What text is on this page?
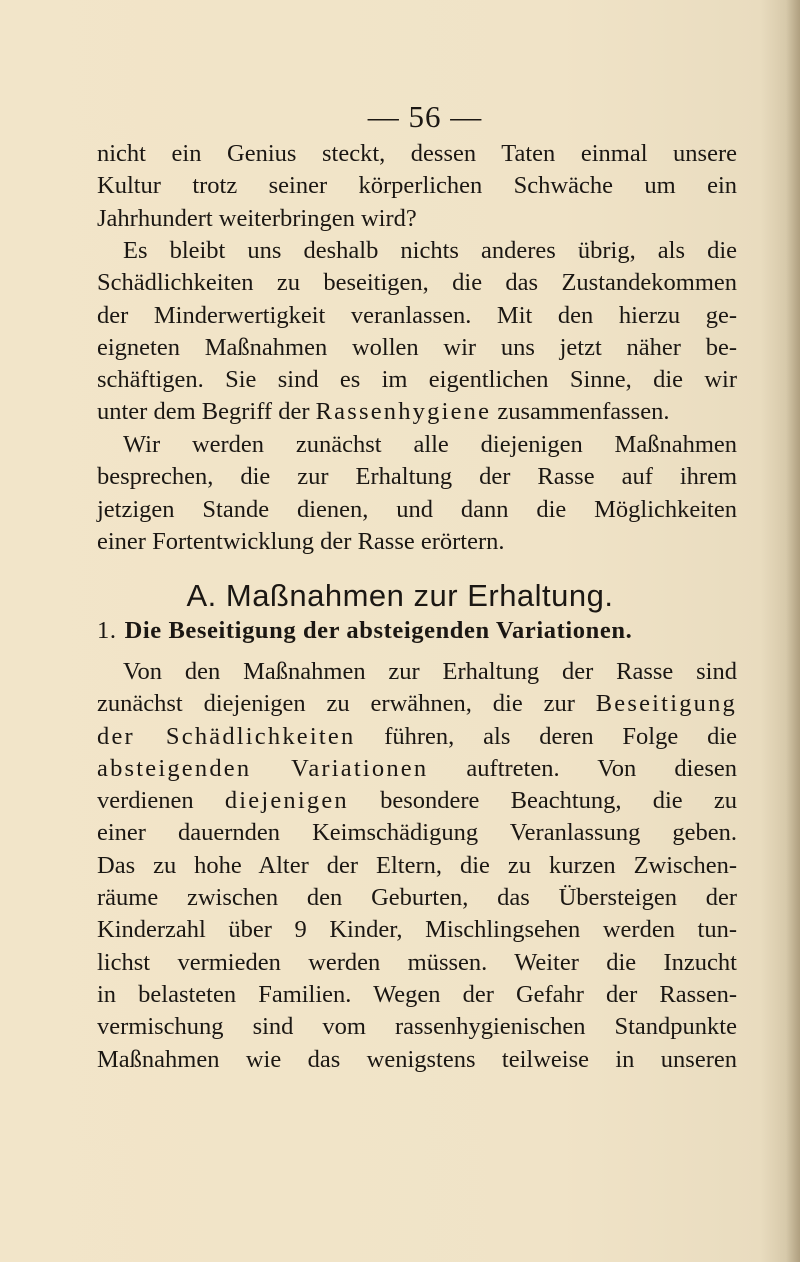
— 56 —
nicht ein Genius steckt, dessen Taten einmal unsere
Kultur trotz seiner körperlichen Schwäche um ein
Jahrhundert weiterbringen wird?
Es bleibt uns deshalb nichts anderes übrig, als die
Schädlichkeiten zu beseitigen, die das Zustandekommen
der Minderwertigkeit veranlassen. Mit den hierzu ge-
eigneten Maßnahmen wollen wir uns jetzt näher be-
schäftigen. Sie sind es im eigentlichen Sinne, die wir
unter dem Begriff der Rassenhygiene zusammenfassen.
Wir werden zunächst alle diejenigen Maßnahmen
besprechen, die zur Erhaltung der Rasse auf ihrem
jetzigen Stande dienen, und dann die Möglichkeiten
einer Fortentwicklung der Rasse erörtern.
A. Maßnahmen zur Erhaltung.
1. Die Beseitigung der absteigenden Variationen.
Von den Maßnahmen zur Erhaltung der Rasse sind
zunächst diejenigen zu erwähnen, die zur Beseitigung
der Schädlichkeiten führen, als deren Folge die
absteigenden Variationen auftreten. Von diesen
verdienen diejenigen besondere Beachtung, die zu
einer dauernden Keimschädigung Veranlassung geben.
Das zu hohe Alter der Eltern, die zu kurzen Zwischen-
räume zwischen den Geburten, das Übersteigen der
Kinderzahl über 9 Kinder, Mischlingsehen werden tun-
lichst vermieden werden müssen. Weiter die Inzucht
in belasteten Familien. Wegen der Gefahr der Rassen-
vermischung sind vom rassenhygienischen Standpunkte
Maßnahmen wie das wenigstens teilweise in unseren
